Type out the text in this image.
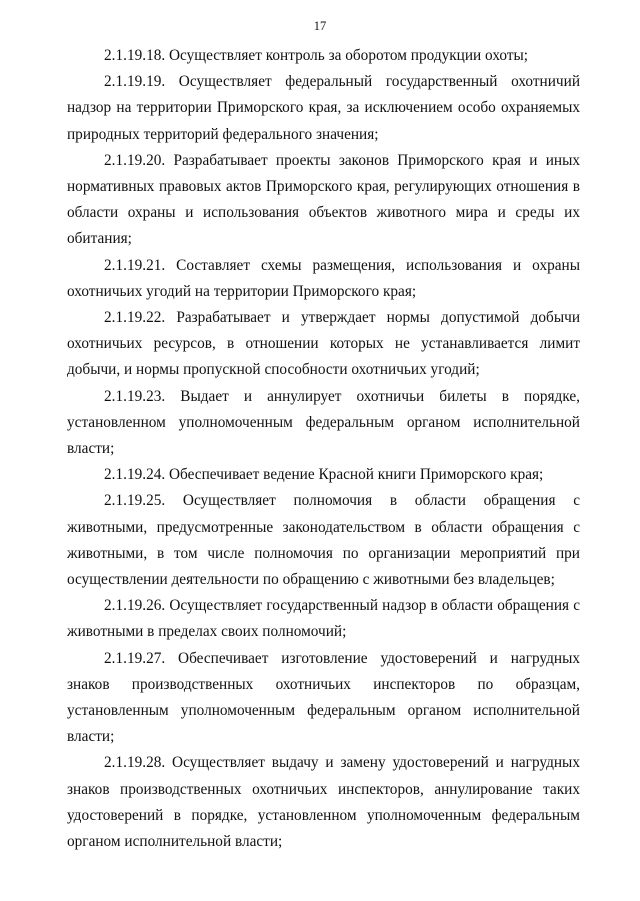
17

2.1.19.18. Осуществляет контроль за оборотом продукции охоты;

2.1.19.19. Осуществляет федеральный государственный охотничий надзор на территории Приморского края, за исключением особо охраняемых природных территорий федерального значения;

2.1.19.20. Разрабатывает проекты законов Приморского края и иных нормативных правовых актов Приморского края, регулирующих отношения в области охраны и использования объектов животного мира и среды их обитания;

2.1.19.21. Составляет схемы размещения, использования и охраны охотничьих угодий на территории Приморского края;

2.1.19.22. Разрабатывает и утверждает нормы допустимой добычи охотничьих ресурсов, в отношении которых не устанавливается лимит добычи, и нормы пропускной способности охотничьих угодий;

2.1.19.23. Выдает и аннулирует охотничьи билеты в порядке, установленном уполномоченным федеральным органом исполнительной власти;

2.1.19.24. Обеспечивает ведение Красной книги Приморского края;

2.1.19.25. Осуществляет полномочия в области обращения с животными, предусмотренные законодательством в области обращения с животными, в том числе полномочия по организации мероприятий при осуществлении деятельности по обращению с животными без владельцев;

2.1.19.26. Осуществляет государственный надзор в области обращения с животными в пределах своих полномочий;

2.1.19.27. Обеспечивает изготовление удостоверений и нагрудных знаков производственных охотничьих инспекторов по образцам, установленным уполномоченным федеральным органом исполнительной власти;

2.1.19.28. Осуществляет выдачу и замену удостоверений и нагрудных знаков производственных охотничьих инспекторов, аннулирование таких удостоверений в порядке, установленном уполномоченным федеральным органом исполнительной власти;
